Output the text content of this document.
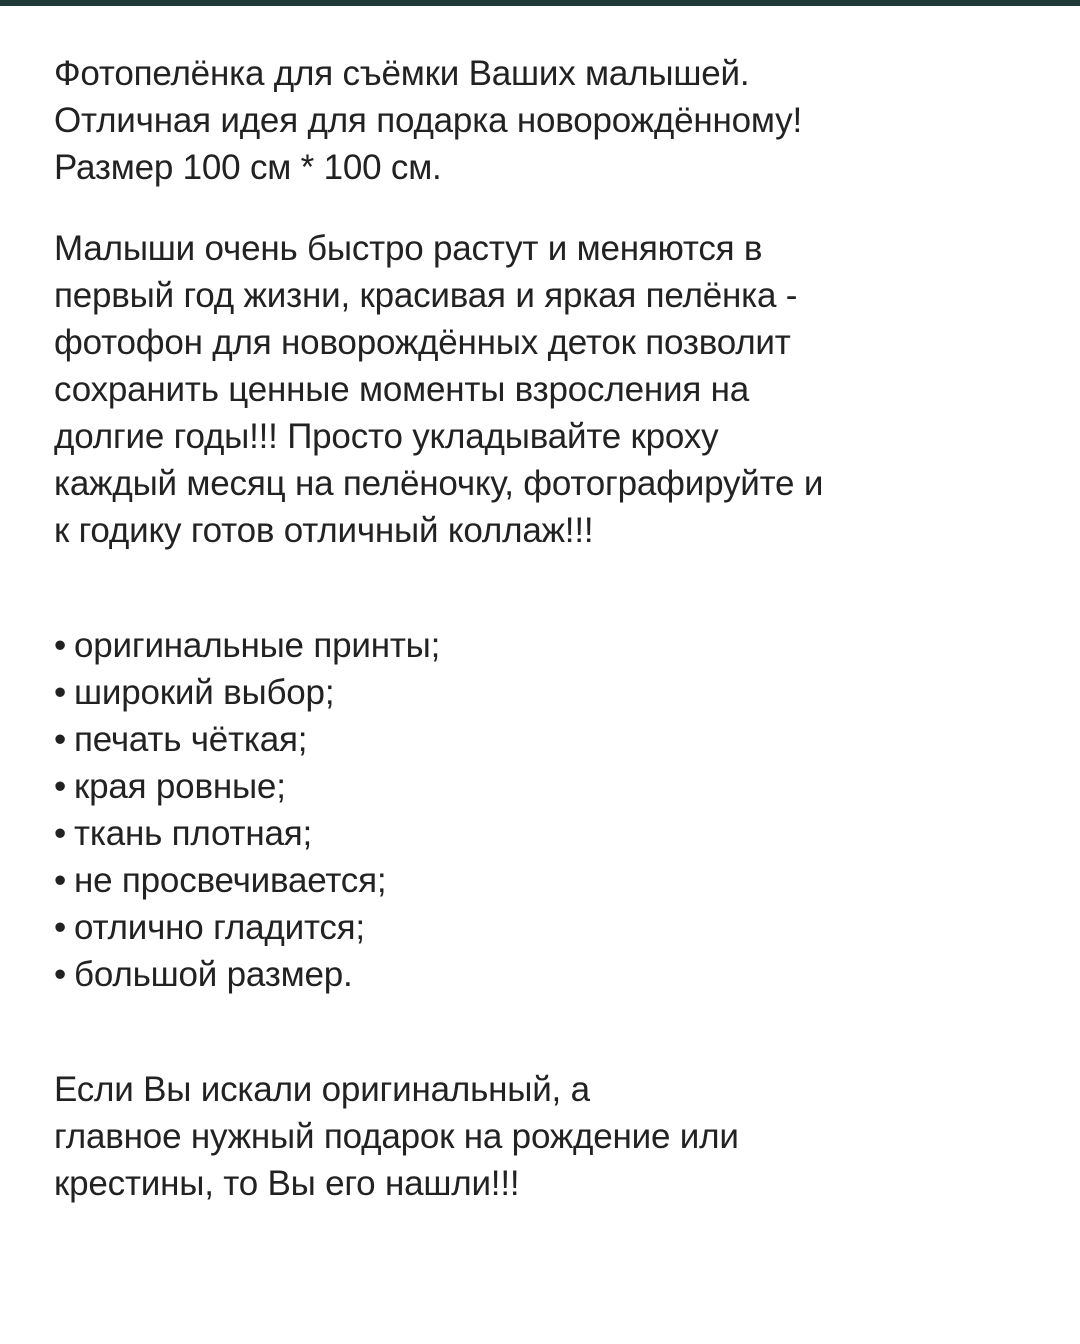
Фотопелёнка для съёмки Ваших малышей.
Отличная идея для подарка новорождённому!
Размер 100 см * 100 см.

Малыши очень быстро растут и меняются в
первый год жизни, красивая и яркая пелёнка -
фотофон для новорождённых деток позволит
сохранить ценные моменты взросления на
долгие годы!!! Просто укладывайте кроху
каждый месяц на пелёночку, фотографируйте и
к годику готов отличный коллаж!!!

• оригинальные принты;
• широкий выбор;
• печать чёткая;
• края ровные;
• ткань плотная;
• не просвечивается;
• отлично гладится;
• большой размер.

Если Вы искали оригинальный, а
главное нужный подарок на рождение или
крестины, то Вы его нашли!!!
